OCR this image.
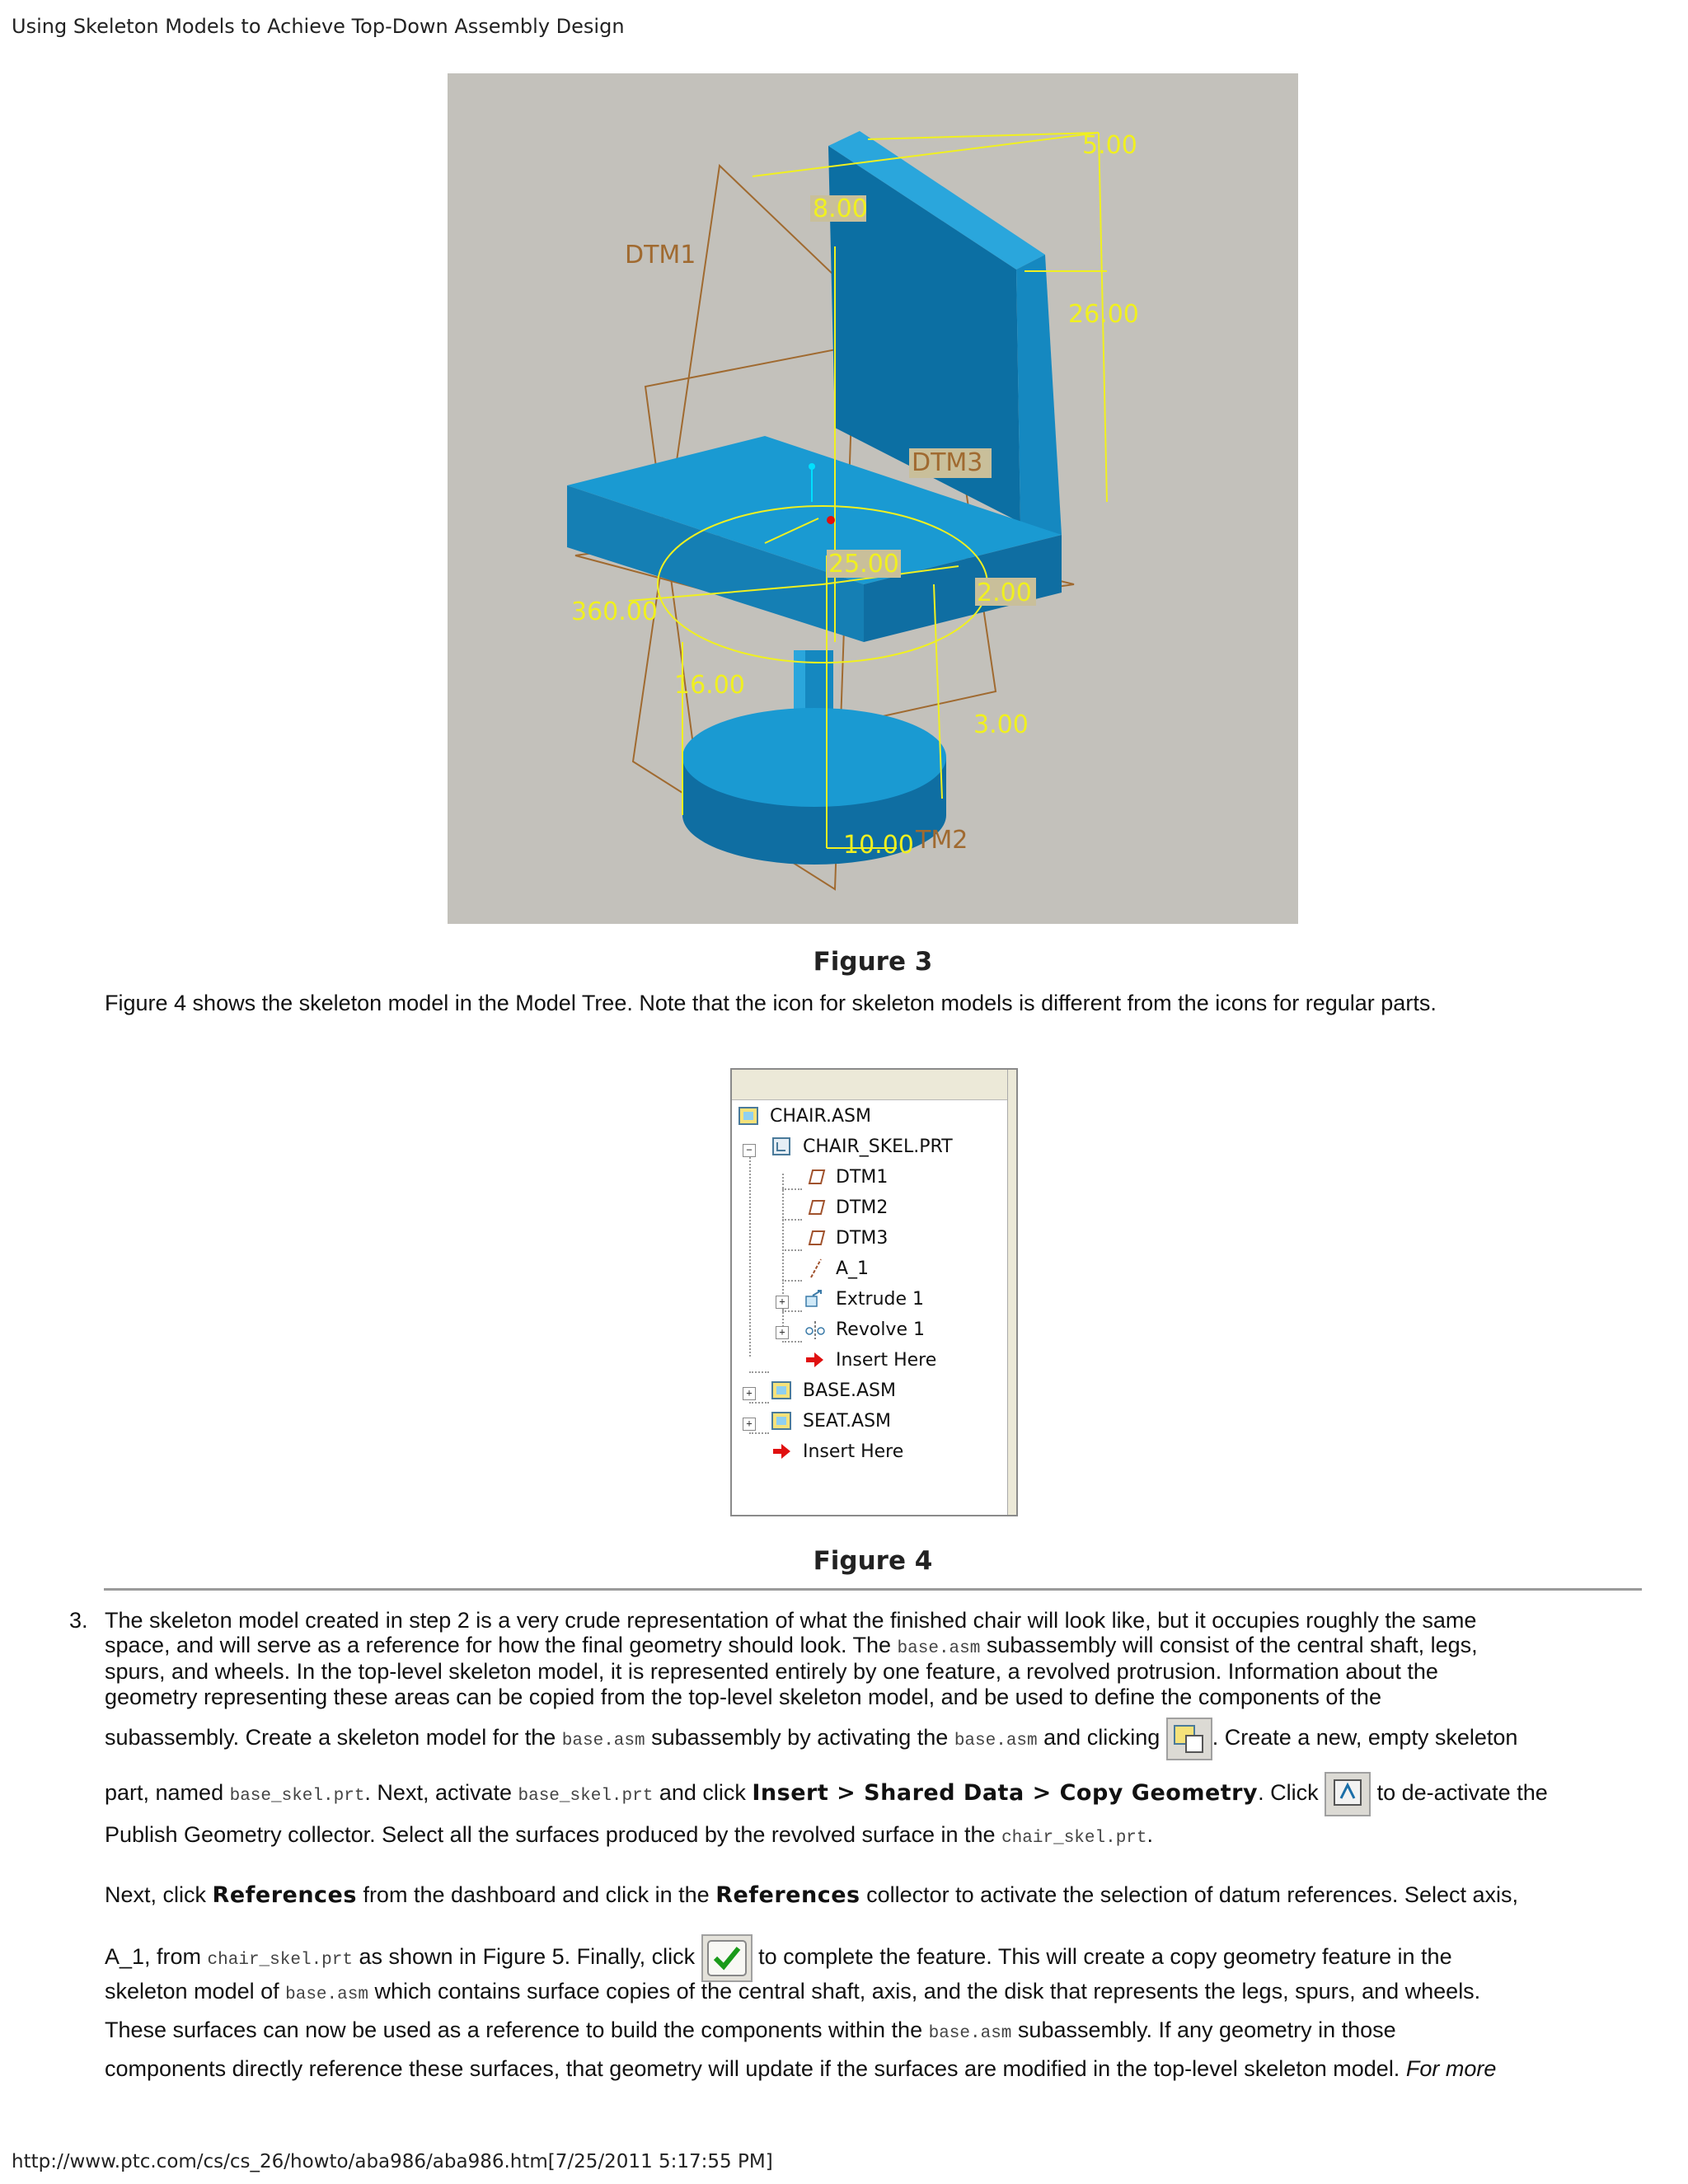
Using Skeleton Models to Achieve Top-Down Assembly Design
5.00
8.00
DTM1
26.00
DTM3
25.00
2.00
360.00
16.00
3.00
10.00 TM2
Figure 3
Figure 4 shows the skeleton model in the Model Tree. Note that the icon for skeleton models is different from the icons for regular parts.
−
+
+
+
+
CHAIR.ASM
CHAIR_SKEL.PRT
DTM1
DTM2
DTM3
A_1
Extrude 1
Revolve 1
Insert Here
BASE.ASM
SEAT.ASM
Insert Here
Figure 4
3. The skeleton model created in step 2 is a very crude representation of what the finished chair will look like, but it occupies roughly the same
space, and will serve as a reference for how the final geometry should look. The base.asm subassembly will consist of the central shaft, legs,
spurs, and wheels. In the top-level skeleton model, it is represented entirely by one feature, a revolved protrusion. Information about the
geometry representing these areas can be copied from the top-level skeleton model, and be used to define the components of the
subassembly. Create a skeleton model for the base.asm subassembly by activating the base.asm and clicking . Create a new, empty skeleton
part, named base_skel.prt. Next, activate base_skel.prt and click Insert > Shared Data > Copy Geometry. Click  to de-activate the
Publish Geometry collector. Select all the surfaces produced by the revolved surface in the chair_skel.prt.
Next, click References from the dashboard and click in the References collector to activate the selection of datum references. Select axis,
A_1, from chair_skel.prt as shown in Figure 5. Finally, click  to complete the feature. This will create a copy geometry feature in the
skeleton model of base.asm which contains surface copies of the central shaft, axis, and the disk that represents the legs, spurs, and wheels.
These surfaces can now be used as a reference to build the components within the base.asm subassembly. If any geometry in those
components directly reference these surfaces, that geometry will update if the surfaces are modified in the top-level skeleton model. For more
http://www.ptc.com/cs/cs_26/howto/aba986/aba986.htm[7/25/2011 5:17:55 PM]
